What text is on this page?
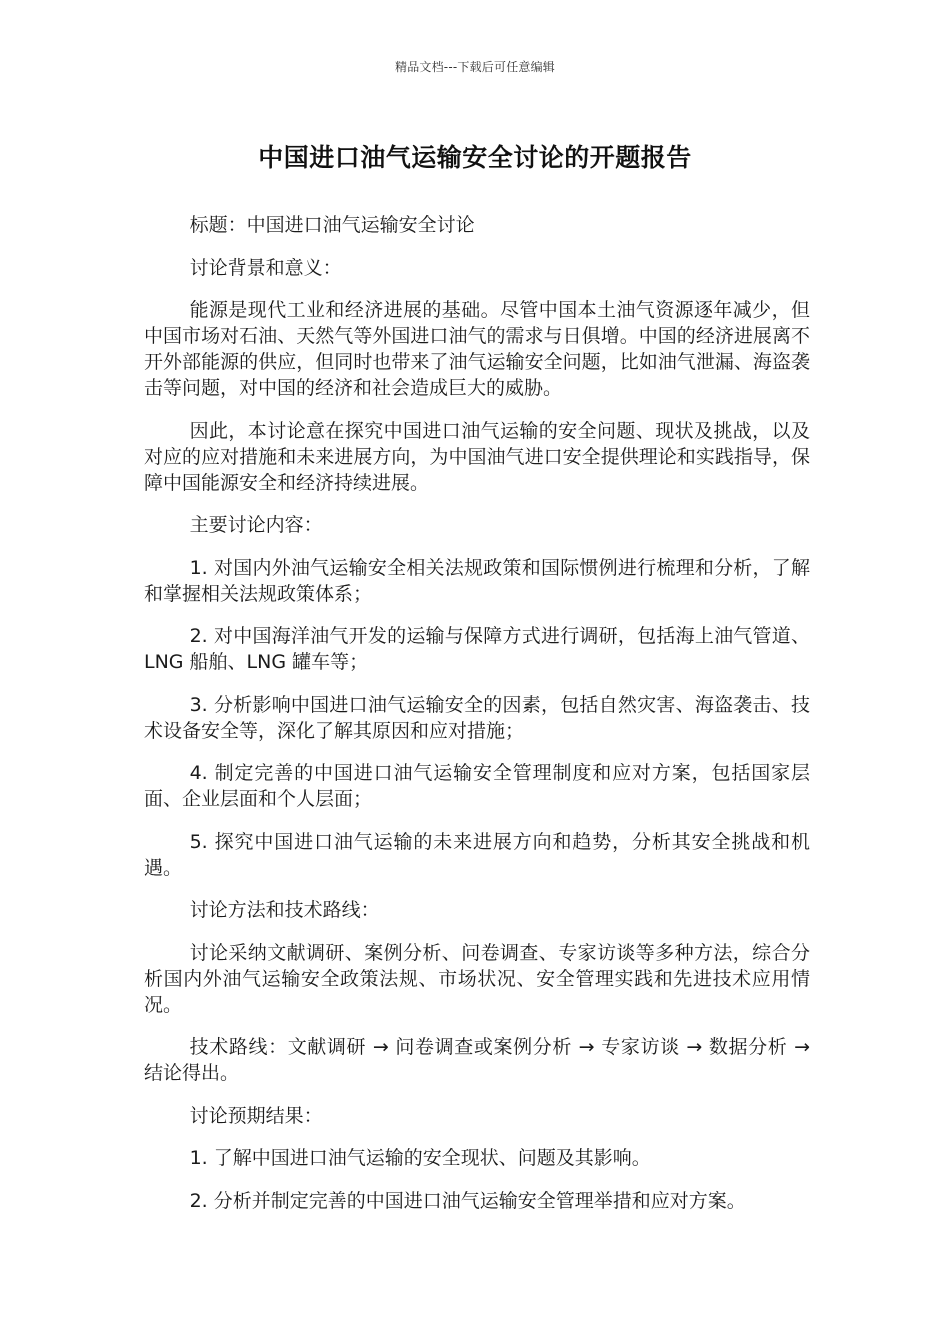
精品文档---下载后可任意编辑
中国进口油气运输安全讨论的开题报告

标题：中国进口油气运输安全讨论

讨论背景和意义：

能源是现代工业和经济进展的基础。尽管中国本土油气资源逐年减少，但中国市场对石油、天然气等外国进口油气的需求与日俱增。中国的经济进展离不开外部能源的供应，但同时也带来了油气运输安全问题，比如油气泄漏、海盗袭击等问题，对中国的经济和社会造成巨大的威胁。

因此，本讨论意在探究中国进口油气运输的安全问题、现状及挑战，以及对应的应对措施和未来进展方向，为中国油气进口安全提供理论和实践指导，保障中国能源安全和经济持续进展。

主要讨论内容：

1. 对国内外油气运输安全相关法规政策和国际惯例进行梳理和分析，了解和掌握相关法规政策体系；

2. 对中国海洋油气开发的运输与保障方式进行调研，包括海上油气管道、LNG 船舶、LNG 罐车等；

3. 分析影响中国进口油气运输安全的因素，包括自然灾害、海盗袭击、技术设备安全等，深化了解其原因和应对措施；

4. 制定完善的中国进口油气运输安全管理制度和应对方案，包括国家层面、企业层面和个人层面；

5. 探究中国进口油气运输的未来进展方向和趋势，分析其安全挑战和机遇。

讨论方法和技术路线：

讨论采纳文献调研、案例分析、问卷调查、专家访谈等多种方法，综合分析国内外油气运输安全政策法规、市场状况、安全管理实践和先进技术应用情况。

技术路线：文献调研 → 问卷调查或案例分析 → 专家访谈 → 数据分析 → 结论得出。

讨论预期结果：

1. 了解中国进口油气运输的安全现状、问题及其影响。

2. 分析并制定完善的中国进口油气运输安全管理举措和应对方案。
